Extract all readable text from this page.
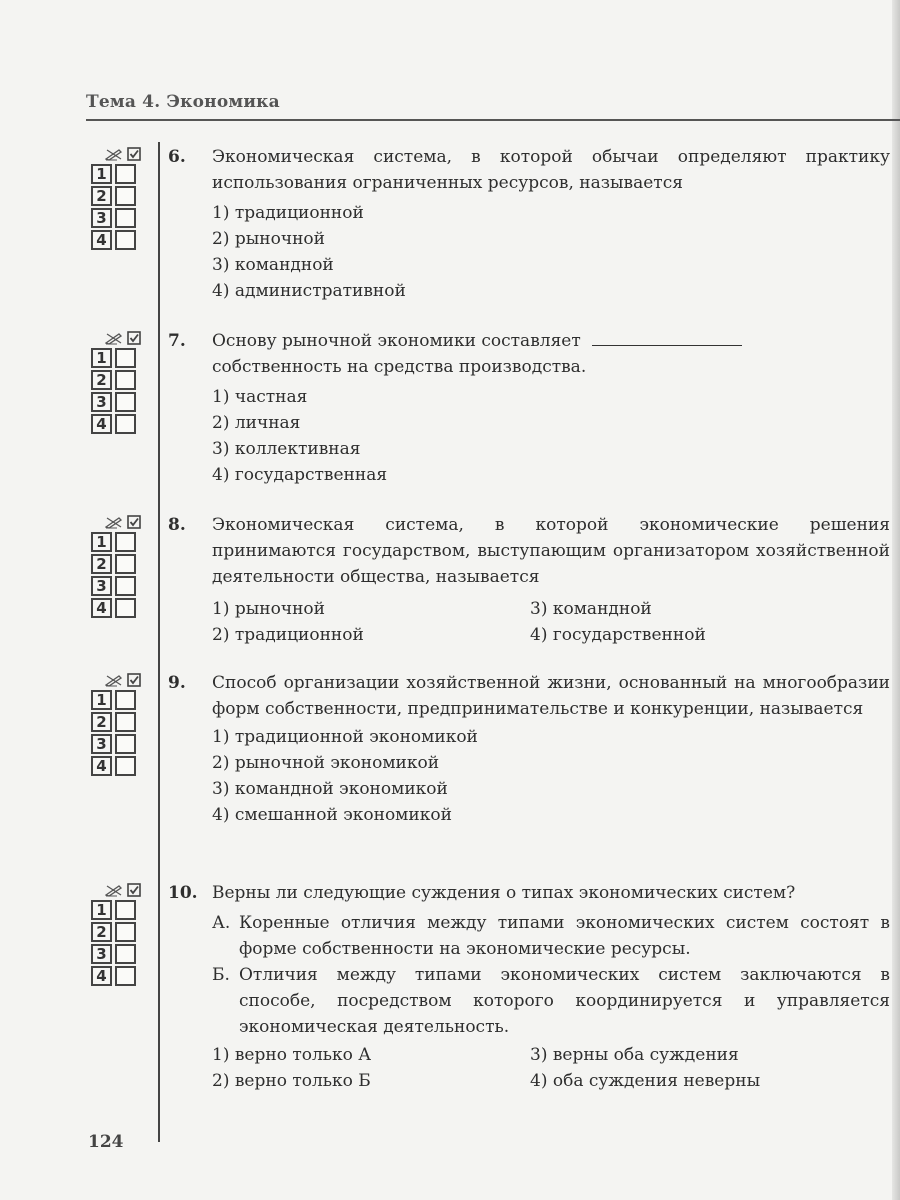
Тема 4. Экономика
1
2
3
4
1
2
3
4
1
2
3
4
1
2
3
4
1
2
3
4
6. Экономическая система, в которой обычаи определяют практику использования ограниченных ресурсов, называется
1) традиционной
2) рыночной
3) командной
4) административной
7. Основу рыночной экономики составляет
собственность на средства производства.
1) частная
2) личная
3) коллективная
4) государственная
8. Экономическая система, в которой экономические решения принимаются государством, выступающим организатором хозяйственной деятельности общества, называется
1) рыночной	3) командной
2) традиционной	4) государственной
9. Способ организации хозяйственной жизни, основанный на многообразии форм собственности, предпринимательстве и конкуренции, называется
1) традиционной экономикой
2) рыночной экономикой
3) командной экономикой
4) смешанной экономикой
10. Верны ли следующие суждения о типах экономических систем?
А. Коренные отличия между типами экономических систем состоят в форме собственности на экономические ресурсы.
Б. Отличия между типами экономических систем заключаются в способе, посредством которого координируется и управляется экономическая деятельность.
1) верно только А	3) верны оба суждения
2) верно только Б	4) оба суждения неверны
124
